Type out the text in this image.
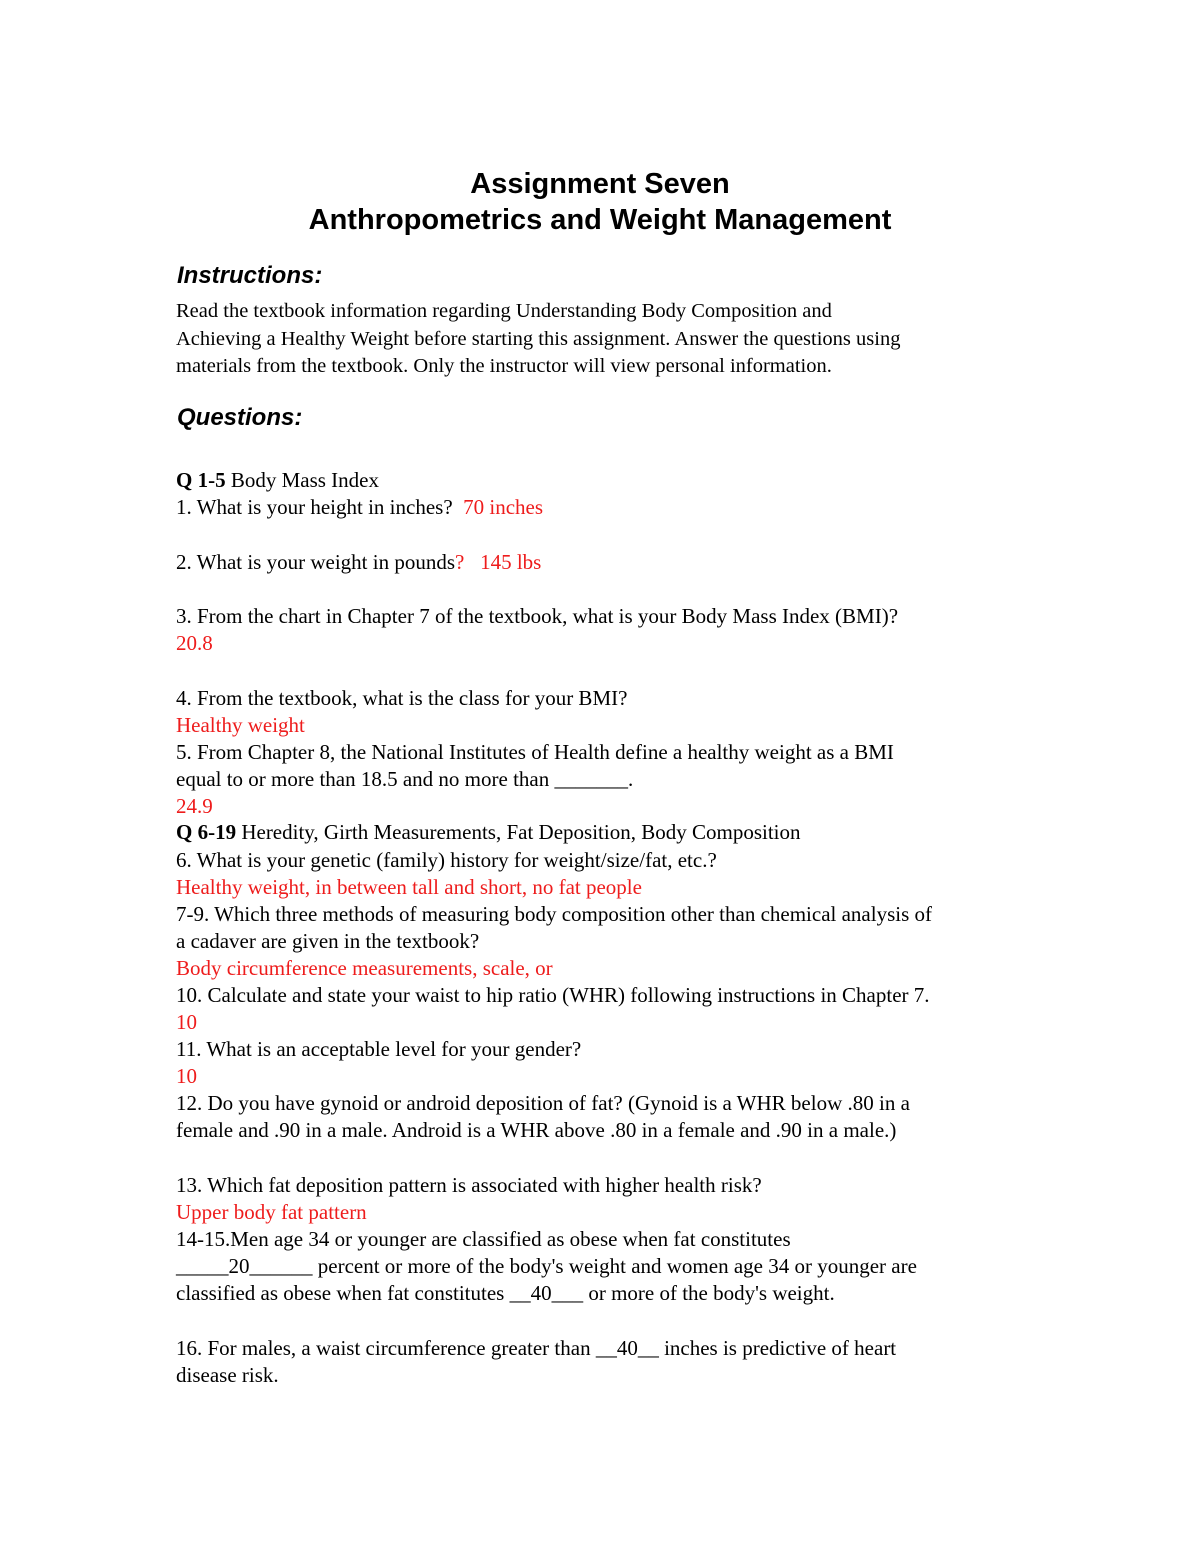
Assignment Seven
Anthropometrics and Weight Management
Instructions:
Read the textbook information regarding Understanding Body Composition and
Achieving a Healthy Weight before starting this assignment. Answer the questions using
materials from the textbook. Only the instructor will view personal information.
Questions:
Q 1-5 Body Mass Index
1. What is your height in inches? 70 inches
2. What is your weight in pounds? 145 lbs
3. From the chart in Chapter 7 of the textbook, what is your Body Mass Index (BMI)?
20.8
4. From the textbook, what is the class for your BMI?
Healthy weight
5. From Chapter 8, the National Institutes of Health define a healthy weight as a BMI
equal to or more than 18.5 and no more than _______.
24.9
Q 6-19 Heredity, Girth Measurements, Fat Deposition, Body Composition
6. What is your genetic (family) history for weight/size/fat, etc.?
Healthy weight, in between tall and short, no fat people
7-9. Which three methods of measuring body composition other than chemical analysis of
a cadaver are given in the textbook?
Body circumference measurements, scale, or
10. Calculate and state your waist to hip ratio (WHR) following instructions in Chapter 7.
10
11. What is an acceptable level for your gender?
10
12. Do you have gynoid or android deposition of fat? (Gynoid is a WHR below .80 in a
female and .90 in a male. Android is a WHR above .80 in a female and .90 in a male.)
13. Which fat deposition pattern is associated with higher health risk?
Upper body fat pattern
14-15.Men age 34 or younger are classified as obese when fat constitutes
_____20______ percent or more of the body's weight and women age 34 or younger are
classified as obese when fat constitutes __40___ or more of the body's weight.
16. For males, a waist circumference greater than __40__ inches is predictive of heart
disease risk.
